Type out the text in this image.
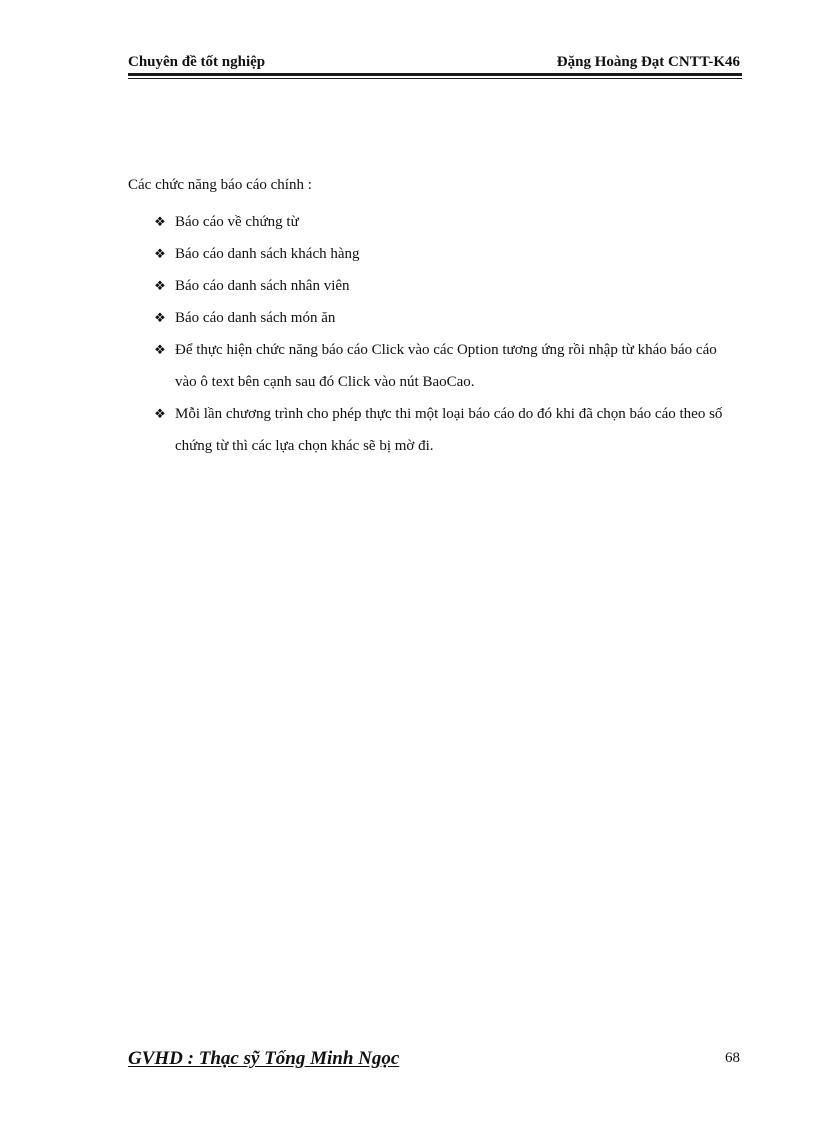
Chuyên đề tốt nghiệp	Đặng Hoàng Đạt CNTT-K46

Các chức năng báo cáo chính :

❖ Báo cáo về chứng từ
❖ Báo cáo danh sách khách hàng
❖ Báo cáo danh sách nhân viên
❖ Báo cáo danh sách món ăn
❖ Để thực hiện chức năng báo cáo Click vào các Option tương ứng rồi nhập từ kháo báo cáo vào ô text bên cạnh sau đó Click vào nút BaoCao.
❖ Mỗi lần chương trình cho phép thực thi một loại báo cáo do đó khi đã chọn báo cáo theo số chứng từ thì các lựa chọn khác sẽ bị mờ đi.
GVHD : Thạc sỹ Tống Minh Ngọc	68
